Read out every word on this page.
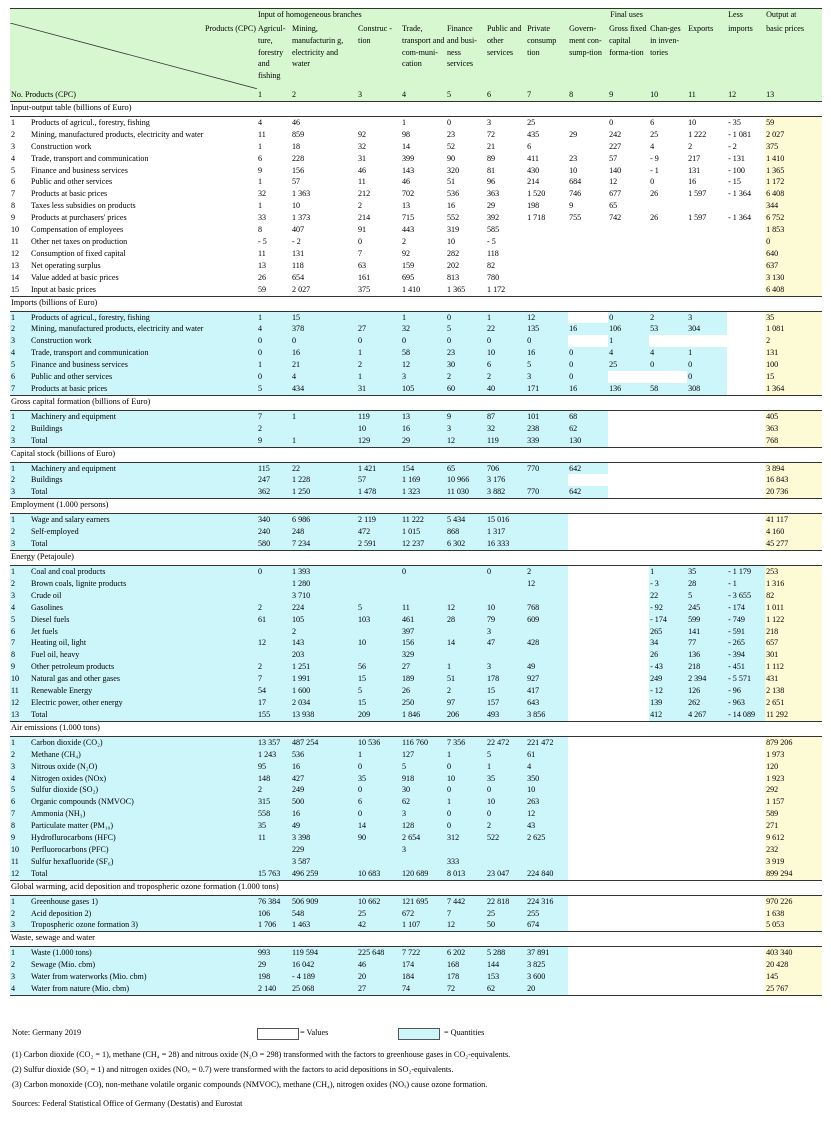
		Input of homogeneous branches						Final uses					Less	Output at

Products (CPC)		Agricul-ture, forestry and fishing	Mining, manufacturin g, electricity and water	Construc -tion	Trade, transport and com-muni-cation	Finance and busi-ness services	Public and other services	Private consump tion	Govern-ment con-sump-tion	Gross fixed capital forma-tion	Chan-ges in inven-tories	Exports	imports	basic prices
No. Products (CPC)		1	2	3	4	5	6	7	8	9	10	11	12	13
Input-output table (billions of Euro)														
1	Products of agricul., forestry, fishing	4	46		1	0	3	25		0	6	10	- 35	59
2	Mining, manufactured products, electricity and water	11	859	92	98	23	72	435	29	242	25	1 222	- 1 081	2 027
3	Construction work	1	18	32	14	52	21	6		227	4	2	- 2	375
4	Trade, transport and communication	6	228	31	399	90	89	411	23	57	- 9	217	- 131	1 410
5	Finance and business services	9	156	46	143	320	81	430	10	140	- 1	131	- 100	1 365
6	Public and other services	1	57	11	46	51	96	214	684	12	0	16	- 15	1 172
7	Products at basic prices	32	1 363	212	702	536	363	1 520	746	677	26	1 597	- 1 364	6 408
8	Taxes less subsidies on products	1	10	2	13	16	29	198	9	65				344
9	Products at purchasers' prices	33	1 373	214	715	552	392	1 718	755	742	26	1 597	- 1 364	6 752
10	Compensation of employees	8	407	91	443	319	585							1 853
11	Other net taxes on production	- 5	- 2	0	2	10	- 5							0
12	Consumption of fixed capital	11	131	7	92	282	118							640
13	Net operating surplus	13	118	63	159	202	82							637
14	Value added at basic prices	26	654	161	695	813	780							3 130
15	Input at basic prices	59	2 027	375	1 410	1 365	1 172							6 408
Imports (billions of Euro)														
1	Products of agricul., forestry, fishing	1	15		1	0	1	12		0	2	3		35
2	Mining, manufactured products, electricity and water	4	378	27	32	5	22	135	16	106	53	304		1 081
3	Construction work	0	0	0	0	0	0	0		1				2
4	Trade, transport and communication	0	16	1	58	23	10	16	0	4	4	1		131
5	Finance and business services	1	21	2	12	30	6	5	0	25	0	0		100
6	Public and other services	0	4	1	3	2	2	3	0			0		15
7	Products at basic prices	5	434	31	105	60	40	171	16	136	58	308		1 364
Gross capital formation (billions of Euro)														
1	Machinery and equipment	7	1	119	13	9	87	101	68					405
2	Buildings	2		10	16	3	32	238	62					363
3	Total	9	1	129	29	12	119	339	130					768
Capital stock (billions of Euro)														
1	Machinery and equipment	115	22	1 421	154	65	706	770	642					3 894
2	Buildings	247	1 228	57	1 169	10 966	3 176							16 843
3	Total	362	1 250	1 478	1 323	11 030	3 882	770	642					20 736
Employment (1.000 persons)														
1	Wage and salary earners	340	6 986	2 119	11 222	5 434	15 016							41 117
2	Self-employed	240	248	472	1 015	868	1 317							4 160
3	Total	580	7 234	2 591	12 237	6 302	16 333							45 277
Energy (Petajoule)														
1	Coal and coal products	0	1 393		0		0	2			1	35	- 1 179	253
2	Brown coals, lignite products		1 280					12			- 3	28	- 1	1 316
3	Crude oil		3 710								22	5	- 3 655	82
4	Gasolines	2	224	5	11	12	10	768			- 92	245	- 174	1 011
5	Diesel fuels	61	105	103	461	28	79	609			- 174	599	- 749	1 122
6	Jet fuels		2		397		3				265	141	- 591	218
7	Heating oil, light	12	143	10	156	14	47	428			34	77	- 265	657
8	Fuel oil, heavy		203		329						26	136	- 394	301
9	Other petroleum products	2	1 251	56	27	1	3	49			- 43	218	- 451	1 112
10	Natural gas and other gases	7	1 991	15	189	51	178	927			249	2 394	- 5 571	431
11	Renewable Energy	54	1 600	5	26	2	15	417			- 12	126	- 96	2 138
12	Electric power, other energy	17	2 034	15	250	97	157	643			139	262	- 963	2 651
13	Total	155	13 938	209	1 846	206	493	3 856			412	4 267	- 14 089	11 292
Air emissions (1.000 tons)														
1	Carbon dioxide (CO₂)	13 357	487 254	10 536	116 760	7 356	22 472	221 472						879 206
2	Methane (CH₄)	1 243	536	1	127	1	5	61						1 973
3	Nitrous oxide (N₂O)	95	16	0	5	0	1	4						120
4	Nitrogen oxides (NOx)	148	427	35	918	10	35	350						1 923
5	Sulfur dioxide (SO₂)	2	249	0	30	0	0	10						292
6	Organic compounds (NMVOC)	315	500	6	62	1	10	263						1 157
7	Ammonia (NH₃)	558	16	0	3	0	0	12						589
8	Particulate matter (PM₁₀)	35	49	14	128	0	2	43						271
9	Hydroflurocarbons (HFC)	11	3 398	90	2 654	312	522	2 625						9 612
10	Perfluorocarbons (PFC)		229		3									232
11	Sulfur hexafluoride (SF₆)		3 587			333								3 919
12	Total	15 763	496 259	10 683	120 689	8 013	23 047	224 840						899 294
Global warming, acid deposition and tropospheric ozone formation (1.000 tons)														
1	Greenhouse gases 1)	76 384	506 909	10 662	121 695	7 442	22 818	224 316						970 226
2	Acid deposition 2)	106	548	25	672	7	25	255						1 638
3	Tropospheric ozone formation 3)	1 706	1 463	42	1 107	12	50	674						5 053
Waste, sewage and water														
1	Waste (1.000 tons)	993	119 594	225 648	7 722	6 202	5 288	37 891						403 340
2	Sewage (Mio. cbm)	29	16 042	46	174	168	144	3 825						20 428
3	Water from waterworks (Mio. cbm)	198	- 4 189	20	184	178	153	3 600						145
4	Water from nature (Mio. cbm)	2 140	25 068	27	74	72	62	20						25 767
Note: Germany 2019	= Values	= Quantities
(1) Carbon dioxide (CO₂ = 1), methane (CH₄ = 28) and nitrous oxide (N₂O = 298) transformed with the factors to greenhouse gases in CO₂-equivalents.
(2) Sulfur dioxide (SO₂ = 1) and nitrogen oxides (NOₓ = 0.7) were transformed with the factors to acid depositions in SO₂-equivalents.
(3) Carbon monoxide (CO), non-methane volatile organic compounds (NMVOC), methane (CH₄), nitrogen oxides (NOₓ) cause ozone formation.
Sources: Federal Statistical Office of Germany (Destatis) and Eurostat
